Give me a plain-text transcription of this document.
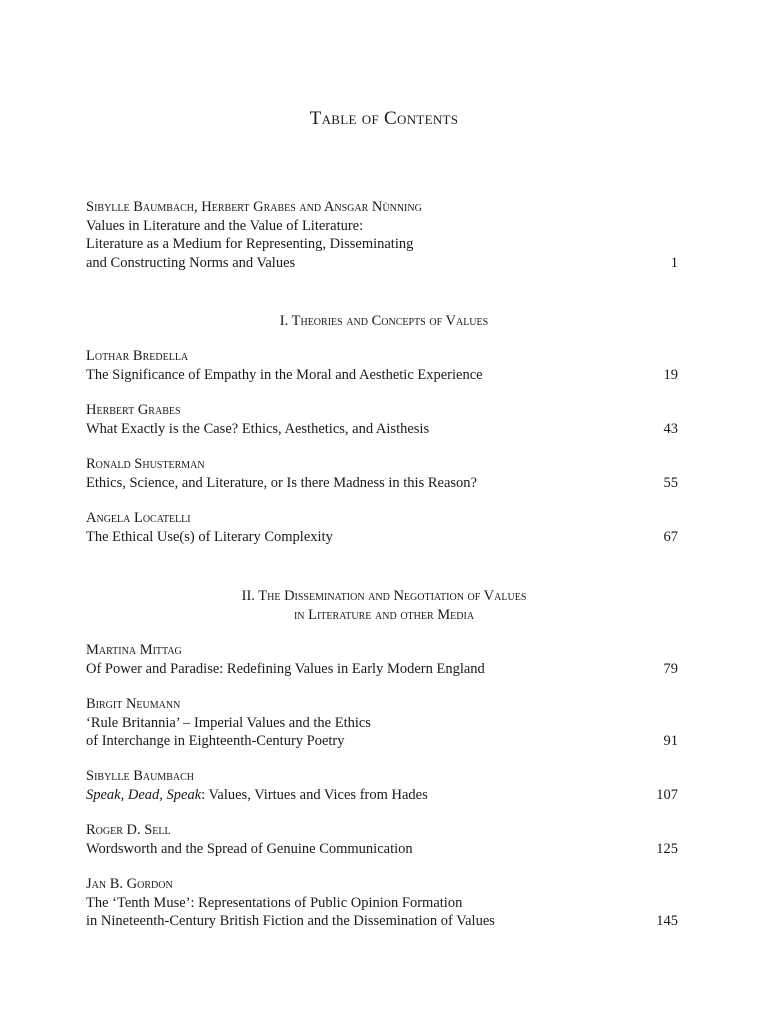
Table of Contents
Sibylle Baumbach, Herbert Grabes and Ansgar Nünning
Values in Literature and the Value of Literature:
Literature as a Medium for Representing, Disseminating
and Constructing Norms and Values	1
I. Theories and Concepts of Values
Lothar Bredella
The Significance of Empathy in the Moral and Aesthetic Experience	19
Herbert Grabes
What Exactly is the Case? Ethics, Aesthetics, and Aisthesis	43
Ronald Shusterman
Ethics, Science, and Literature, or Is there Madness in this Reason?	55
Angela Locatelli
The Ethical Use(s) of Literary Complexity	67
II. The Dissemination and Negotiation of Values
in Literature and other Media
Martina Mittag
Of Power and Paradise: Redefining Values in Early Modern England	79
Birgit Neumann
‘Rule Britannia’ – Imperial Values and the Ethics
of Interchange in Eighteenth-Century Poetry	91
Sibylle Baumbach
Speak, Dead, Speak: Values, Virtues and Vices from Hades	107
Roger D. Sell
Wordsworth and the Spread of Genuine Communication	125
Jan B. Gordon
The ‘Tenth Muse’: Representations of Public Opinion Formation
in Nineteenth-Century British Fiction and the Dissemination of Values	145
